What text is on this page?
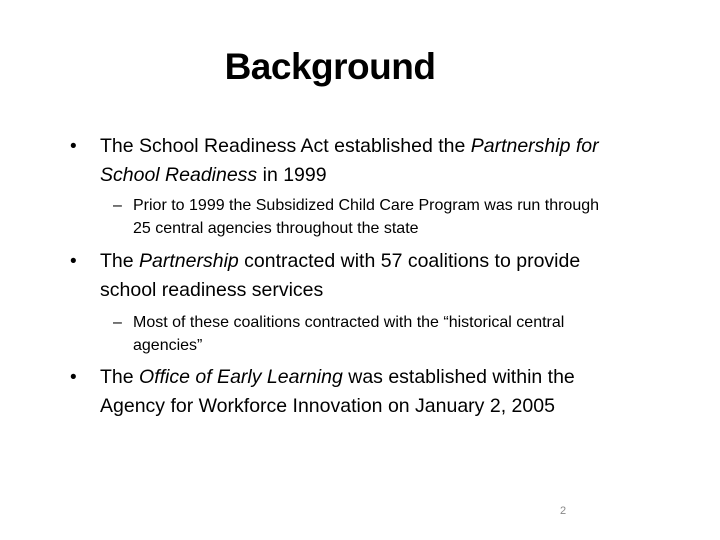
Background
•	The School Readiness Act established the Partnership for School Readiness in 1999
– Prior to 1999 the Subsidized Child Care Program was run through 25 central agencies throughout the state
•	The Partnership contracted with 57 coalitions to provide school readiness services
– Most of these coalitions contracted with the “historical central agencies”
•	The Office of Early Learning was established within the Agency for Workforce Innovation on January 2, 2005
2
